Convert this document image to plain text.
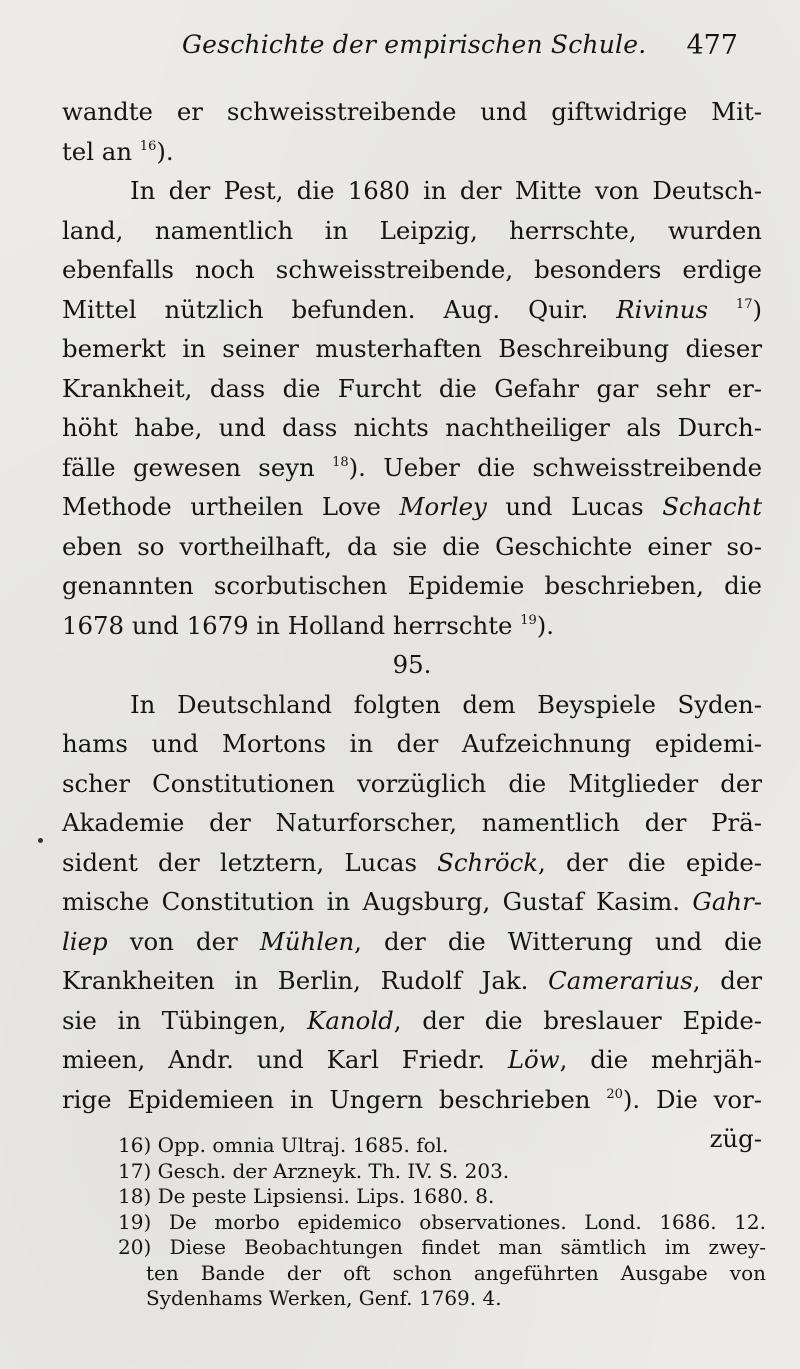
Geschichte der empirischen Schule. 477
wandte er schweisstreibende und giftwidrige Mit-
tel an $^{16}$).
In der Pest, die 1680 in der Mitte von Deutsch-
land, namentlich in Leipzig, herrschte, wurden
ebenfalls noch schweisstreibende, besonders erdige
Mittel nützlich befunden. Aug. Quir. Rivinus $^{17}$)
bemerkt in seiner musterhaften Beschreibung dieser
Krankheit, dass die Furcht die Gefahr gar sehr er-
höht habe, und dass nichts nachtheiliger als Durch-
fälle gewesen seyn $^{18}$). Ueber die schweisstreibende
Methode urtheilen Love Morley und Lucas Schacht
eben so vortheilhaft, da sie die Geschichte einer so-
genannten scorbutischen Epidemie beschrieben, die
1678 und 1679 in Holland herrschte $^{19}$).
95.
In Deutschland folgten dem Beyspiele Syden-
hams und Mortons in der Aufzeichnung epidemi-
scher Constitutionen vorzüglich die Mitglieder der
Akademie der Naturforscher, namentlich der Prä-
sident der letztern, Lucas Schröck, der die epide-
mische Constitution in Augsburg, Gustaf Kasim. Gahr-
liep von der Mühlen, der die Witterung und die
Krankheiten in Berlin, Rudolf Jak. Camerarius, der
sie in Tübingen, Kanold, der die breslauer Epide-
mieen, Andr. und Karl Friedr. Löw, die mehrjäh-
rige Epidemieen in Ungern beschrieben $^{20}$). Die vor-
züg-
16) Opp. omnia Ultraj. 1685. fol.
17) Gesch. der Arzneyk. Th. IV. S. 203.
18) De peste Lipsiensi. Lips. 1680. 8.
19) De morbo epidemico observationes. Lond. 1686. 12.
20) Diese Beobachtungen findet man sämtlich im zwey-
ten Bande der oft schon angeführten Ausgabe von
Sydenhams Werken, Genf. 1769. 4.
